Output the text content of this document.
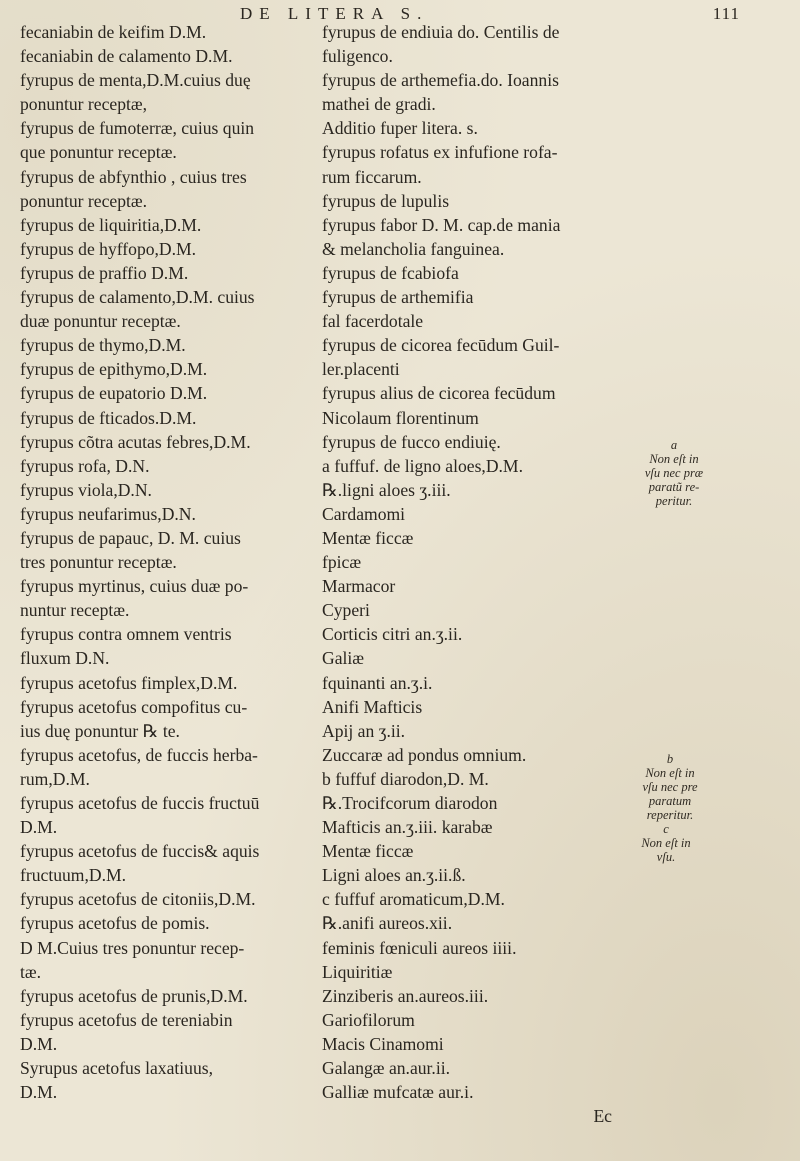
DE LITERA S.	111
fecaniabin de keifim D.M.
fecaniabin de calamento D.M.
fyrupus de menta,D.M.cuius duę
ponuntur receptæ,
fyrupus de fumoterræ, cuius quin
que ponuntur receptæ.
fyrupus de abfynthio , cuius tres
ponuntur receptæ.
fyrupus de liquiritia,D.M.
fyrupus de hyffopo,D.M.
fyrupus de praffio D.M.
fyrupus de calamento,D.M. cuius
duæ ponuntur receptæ.
fyrupus de thymo,D.M.
fyrupus de epithymo,D.M.
fyrupus de eupatorio D.M.
fyrupus de fticados.D.M.
fyrupus cõtra acutas febres,D.M.
fyrupus rofa, D.N.
fyrupus viola,D.N.
fyrupus neufarimus,D.N.
fyrupus de papauc, D. M. cuius
tres ponuntur receptæ.
fyrupus myrtinus, cuius duæ po-
nuntur receptæ.
fyrupus contra omnem ventris
fluxum D.N.
fyrupus acetofus fimplex,D.M.
fyrupus acetofus compofitus cu-
ius duę ponuntur ℞ te.
fyrupus acetofus, de fuccis herba-
rum,D.M.
fyrupus acetofus de fuccis fructuū
D.M.
fyrupus acetofus de fuccis& aquis
fructuum,D.M.
fyrupus acetofus de citoniis,D.M.
fyrupus acetofus de pomis.
D M.Cuius tres ponuntur recep-
tæ.
fyrupus acetofus de prunis,D.M.
fyrupus acetofus de tereniabin
D.M.
Syrupus acetofus laxatiuus,
D.M.
fyrupus de endiuia do. Centilis de
fuligenco.
fyrupus de arthemefia.do. Ioannis
mathei de gradi.
Additio fuper litera. s.
fyrupus rofatus ex infufione rofa-
rum ficcarum.
fyrupus de lupulis
fyrupus fabor D. M. cap.de mania
& melancholia fanguinea.
fyrupus de fcabiofa
fyrupus de arthemifia
fal facerdotale
fyrupus de cicorea fecūdum Guil-
ler.placenti
fyrupus alius de cicorea fecūdum
Nicolaum florentinum
fyrupus de fucco endiuię.
a fuffuf. de ligno aloes,D.M.
℞.ligni aloes ʒ.iii.
Cardamomi
Mentæ ficcæ
fpicæ
Marmacor
Cyperi
Corticis citri an.ʒ.ii.
Galiæ
fquinanti an.ʒ.i.
Anifi Mafticis
Apij an ʒ.ii.
Zuccaræ ad pondus omnium.
b fuffuf diarodon,D. M.
℞.Trocifcorum diarodon
Mafticis an.ʒ.iii. karabæ
Mentæ ficcæ
Ligni aloes an.ʒ.ii.ß.
c fuffuf aromaticum,D.M.
℞.anifi aureos.xii.
feminis fœniculi aureos iiii.
Liquiritiæ
Zinziberis an.aureos.iii.
Gariofilorum
Macis Cinamomi
Galangæ an.aur.ii.
Galliæ mufcatæ aur.i.
Ec
a
Non eſt in
vſu nec præ
paratũ re-
peritur.
b
Non eſt in
vſu nec pre
paratum
reperitur.
c
Non eſt in
vſu.
